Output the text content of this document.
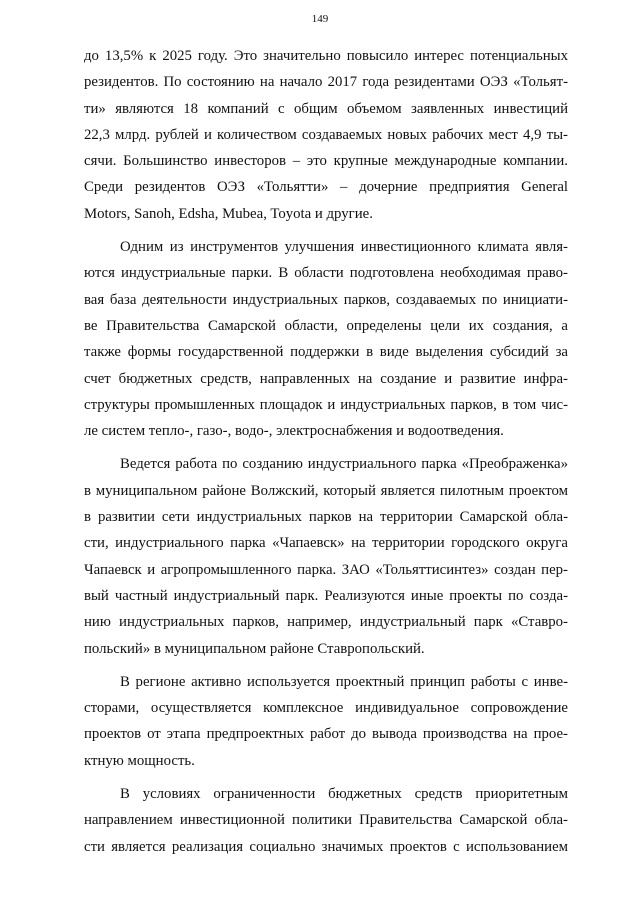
149

до 13,5% к 2025 году. Это значительно повысило интерес потенциальных
резидентов. По состоянию на начало 2017 года резидентами ОЭЗ «Тольят-
ти» являются 18 компаний с общим объемом заявленных инвестиций
22,3 млрд. рублей и количеством создаваемых новых рабочих мест 4,9 ты-
сячи. Большинство инвесторов – это крупные международные компании.
Среди резидентов ОЭЗ «Тольятти» – дочерние предприятия General
Motors, Sanoh, Edsha, Mubea, Toyota и другие.

Одним из инструментов улучшения инвестиционного климата явля-
ются индустриальные парки. В области подготовлена необходимая право-
вая база деятельности индустриальных парков, создаваемых по инициати-
ве Правительства Самарской области, определены цели их создания, а
также формы государственной поддержки в виде выделения субсидий за
счет бюджетных средств, направленных на создание и развитие инфра-
структуры промышленных площадок и индустриальных парков, в том чис-
ле систем тепло-, газо-, водо-, электроснабжения и водоотведения.

Ведется работа по созданию индустриального парка «Преображенка»
в муниципальном районе Волжский, который является пилотным проектом
в развитии сети индустриальных парков на территории Самарской обла-
сти, индустриального парка «Чапаевск» на территории городского округа
Чапаевск и агропромышленного парка. ЗАО «Тольяттисинтез» создан пер-
вый частный индустриальный парк. Реализуются иные проекты по созда-
нию индустриальных парков, например, индустриальный парк «Ставро-
польский» в муниципальном районе Ставропольский.

В регионе активно используется проектный принцип работы с инве-
сторами, осуществляется комплексное индивидуальное сопровождение
проектов от этапа предпроектных работ до вывода производства на прое-
ктную мощность.

В условиях ограниченности бюджетных средств приоритетным
направлением инвестиционной политики Правительства Самарской обла-
сти является реализация социально значимых проектов с использованием
